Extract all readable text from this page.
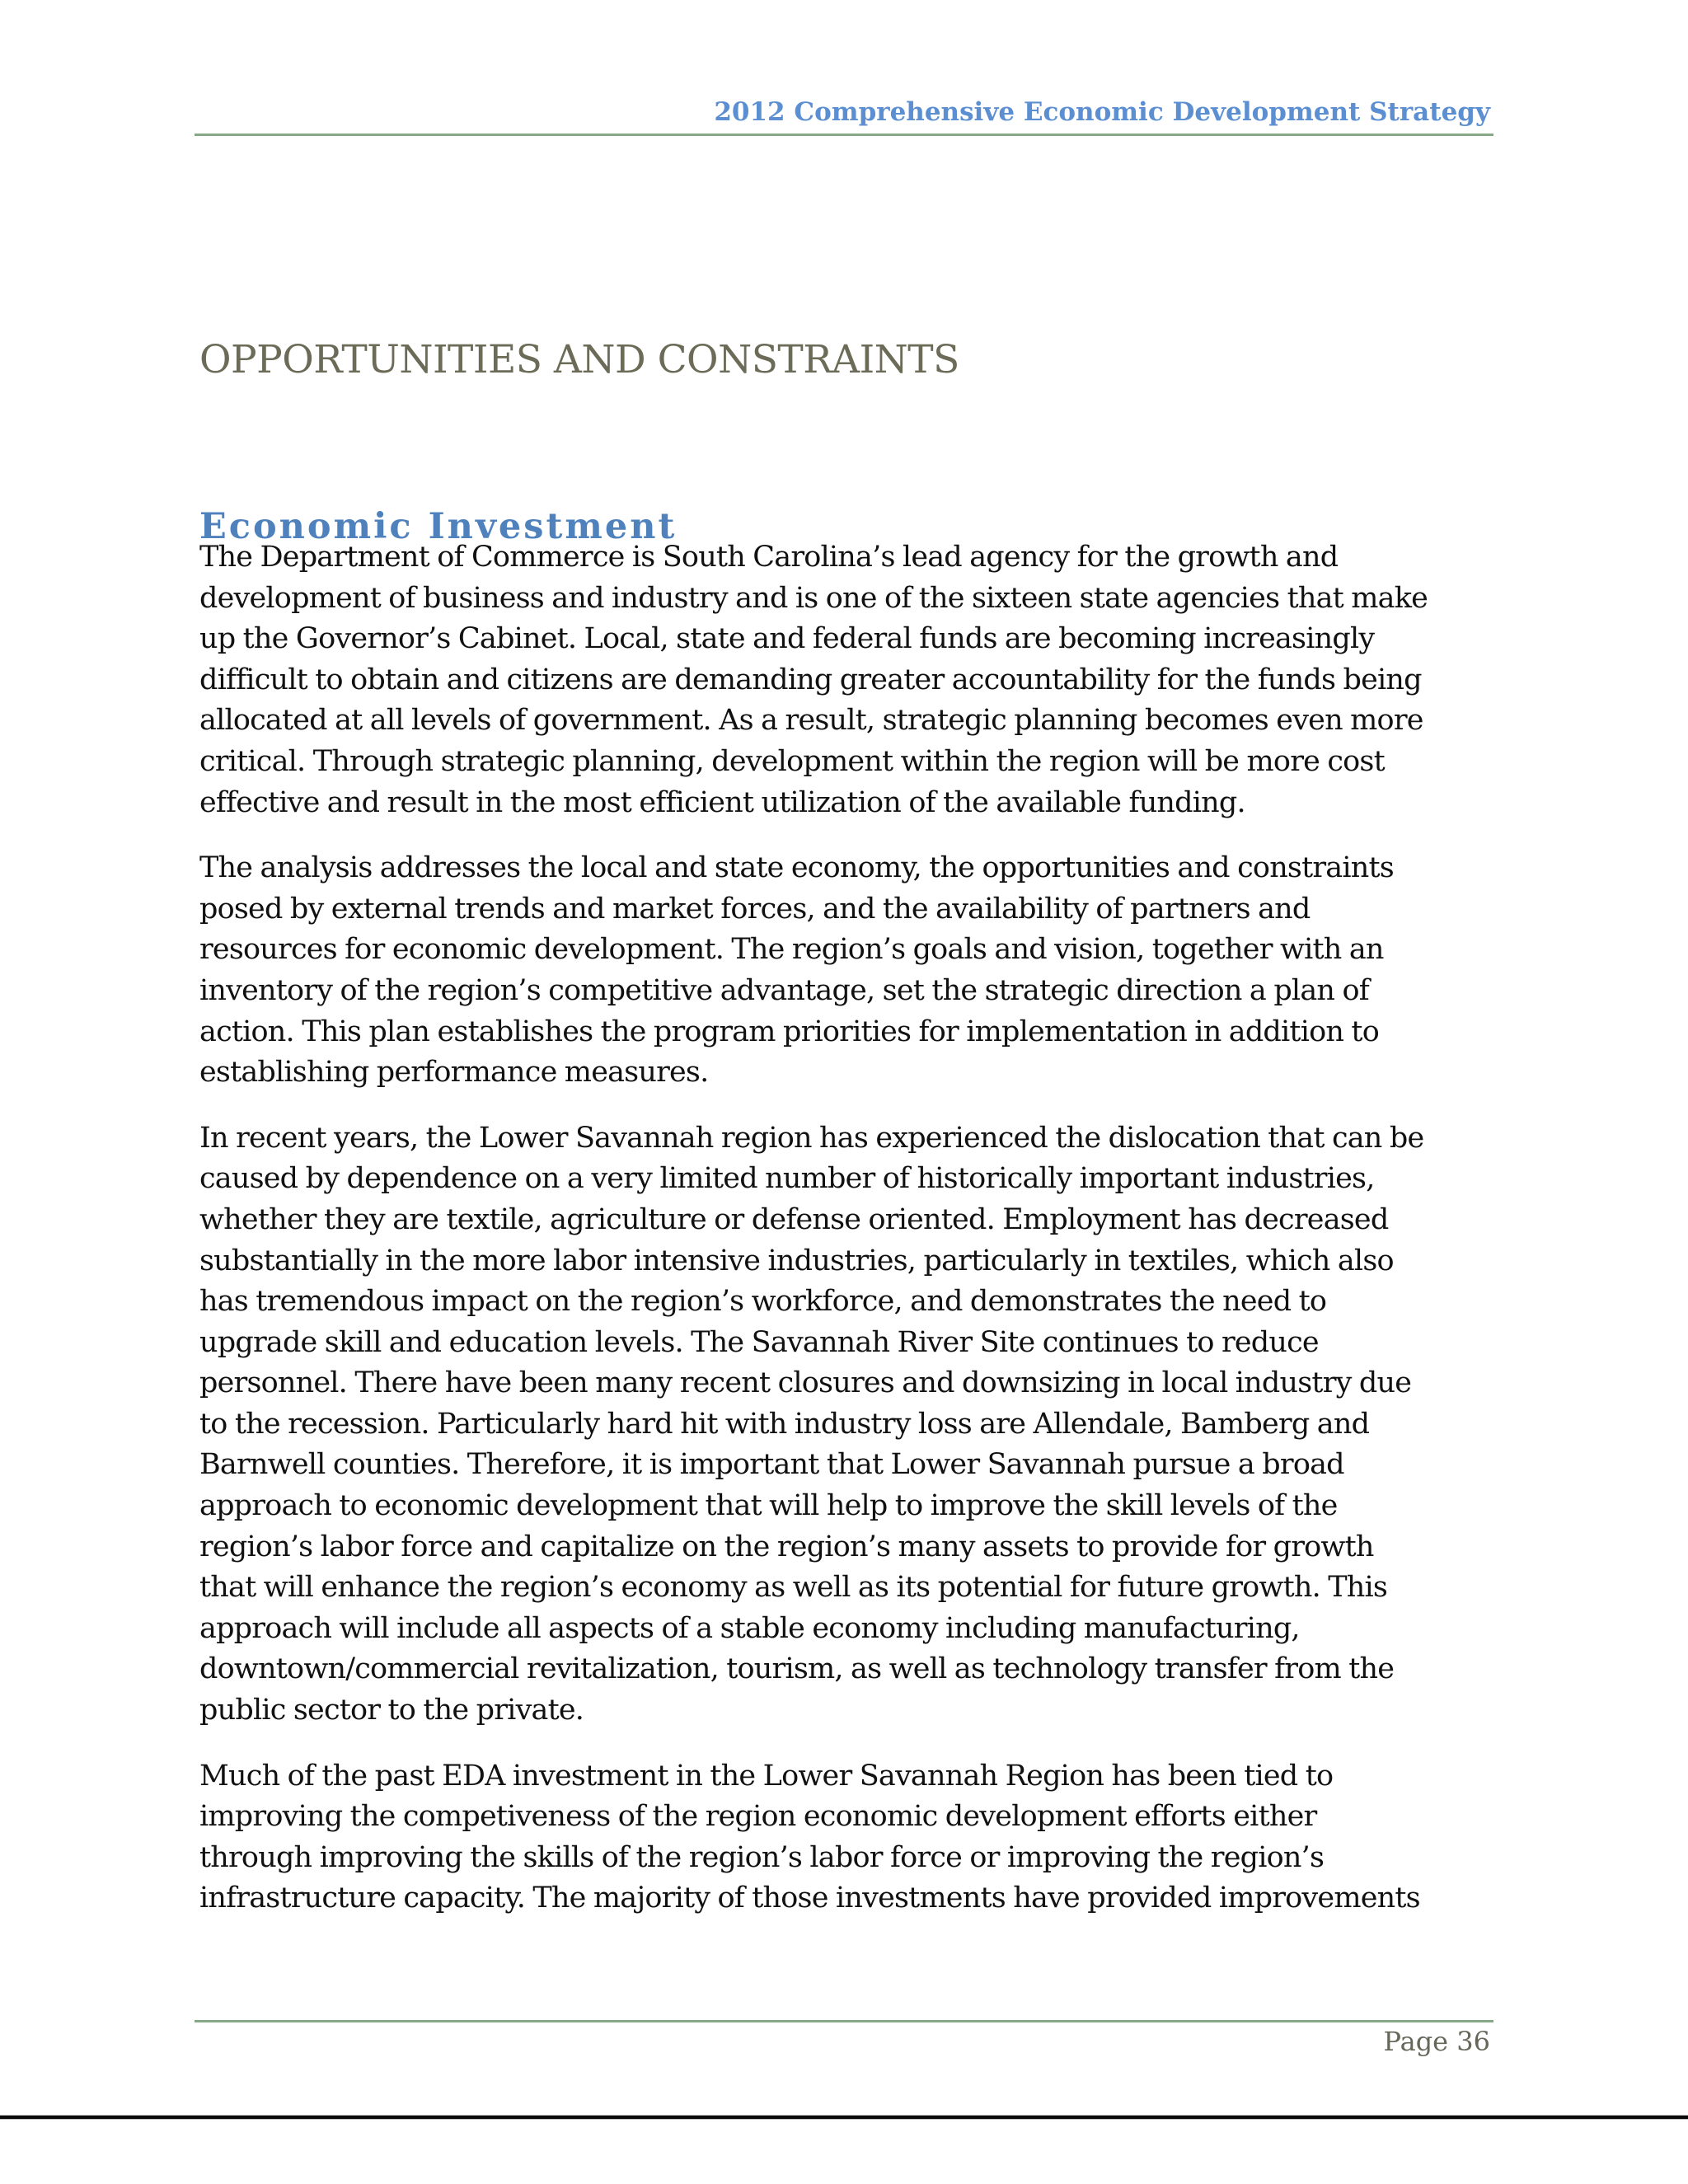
2012 Comprehensive Economic Development Strategy
OPPORTUNITIES AND CONSTRAINTS
Economic Investment

The Department of Commerce is South Carolina’s lead agency for the growth and
development of business and industry and is one of the sixteen state agencies that make
up the Governor’s Cabinet. Local, state and federal funds are becoming increasingly
difficult to obtain and citizens are demanding greater accountability for the funds being
allocated at all levels of government. As a result, strategic planning becomes even more
critical. Through strategic planning, development within the region will be more cost
effective and result in the most efficient utilization of the available funding.

The analysis addresses the local and state economy, the opportunities and constraints
posed by external trends and market forces, and the availability of partners and
resources for economic development. The region’s goals and vision, together with an
inventory of the region’s competitive advantage, set the strategic direction a plan of
action. This plan establishes the program priorities for implementation in addition to
establishing performance measures.

In recent years, the Lower Savannah region has experienced the dislocation that can be
caused by dependence on a very limited number of historically important industries,
whether they are textile, agriculture or defense oriented. Employment has decreased
substantially in the more labor intensive industries, particularly in textiles, which also
has tremendous impact on the region’s workforce, and demonstrates the need to
upgrade skill and education levels. The Savannah River Site continues to reduce
personnel. There have been many recent closures and downsizing in local industry due
to the recession. Particularly hard hit with industry loss are Allendale, Bamberg and
Barnwell counties. Therefore, it is important that Lower Savannah pursue a broad
approach to economic development that will help to improve the skill levels of the
region’s labor force and capitalize on the region’s many assets to provide for growth
that will enhance the region’s economy as well as its potential for future growth. This
approach will include all aspects of a stable economy including manufacturing,
downtown/commercial revitalization, tourism, as well as technology transfer from the
public sector to the private.

Much of the past EDA investment in the Lower Savannah Region has been tied to
improving the competiveness of the region economic development efforts either
through improving the skills of the region’s labor force or improving the region’s
infrastructure capacity. The majority of those investments have provided improvements

Page 36
